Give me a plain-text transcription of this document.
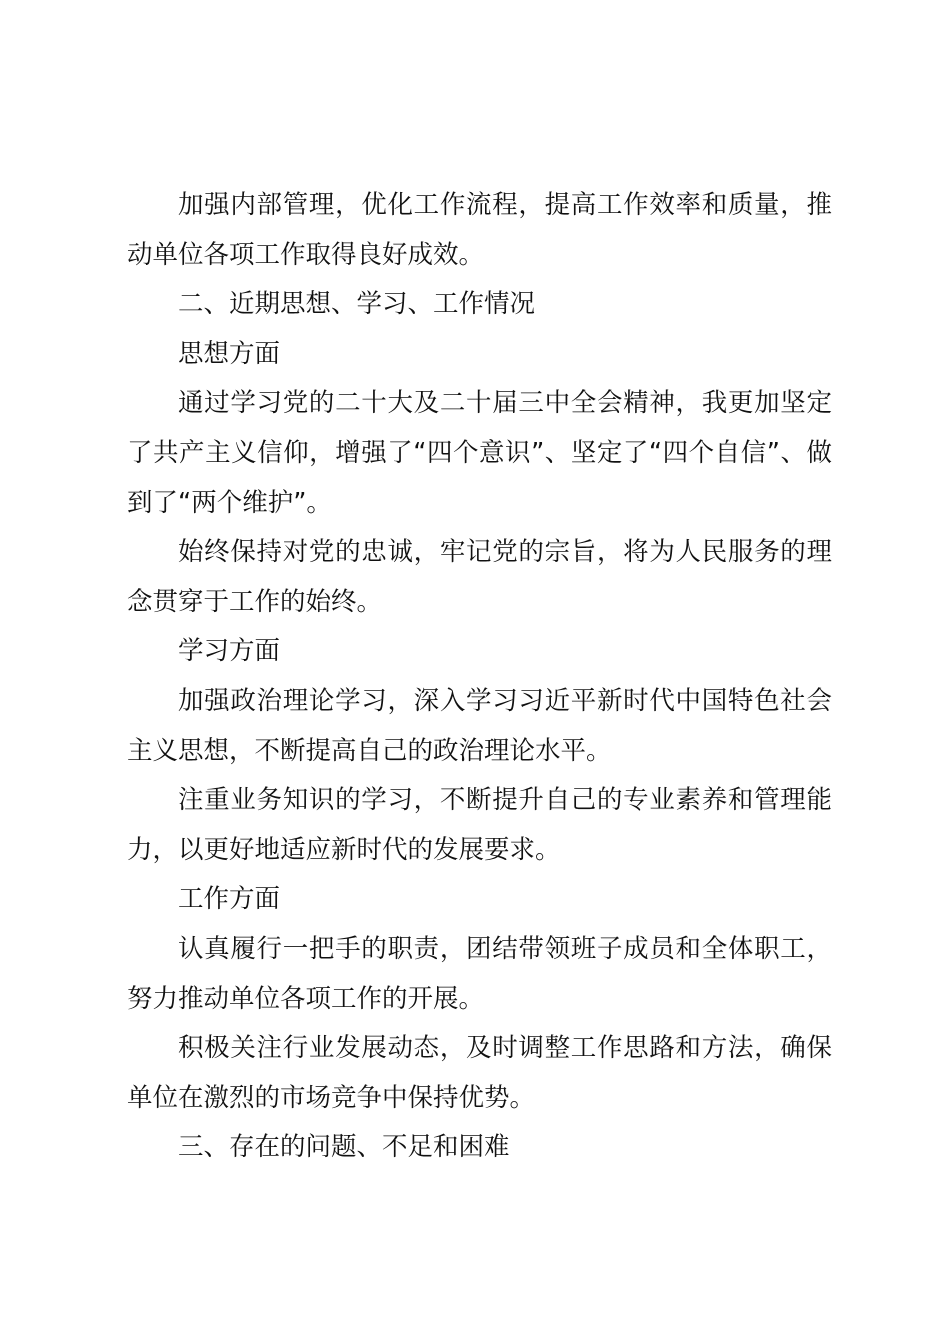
加强内部管理，优化工作流程，提高工作效率和质量，推动单位各项工作取得良好成效。

二、近期思想、学习、工作情况

思想方面

通过学习党的二十大及二十届三中全会精神，我更加坚定了共产主义信仰，增强了“四个意识”、坚定了“四个自信”、做到了“两个维护”。

始终保持对党的忠诚，牢记党的宗旨，将为人民服务的理念贯穿于工作的始终。

学习方面

加强政治理论学习，深入学习习近平新时代中国特色社会主义思想，不断提高自己的政治理论水平。

注重业务知识的学习，不断提升自己的专业素养和管理能力，以更好地适应新时代的发展要求。

工作方面

认真履行一把手的职责，团结带领班子成员和全体职工，努力推动单位各项工作的开展。

积极关注行业发展动态，及时调整工作思路和方法，确保单位在激烈的市场竞争中保持优势。

三、存在的问题、不足和困难
